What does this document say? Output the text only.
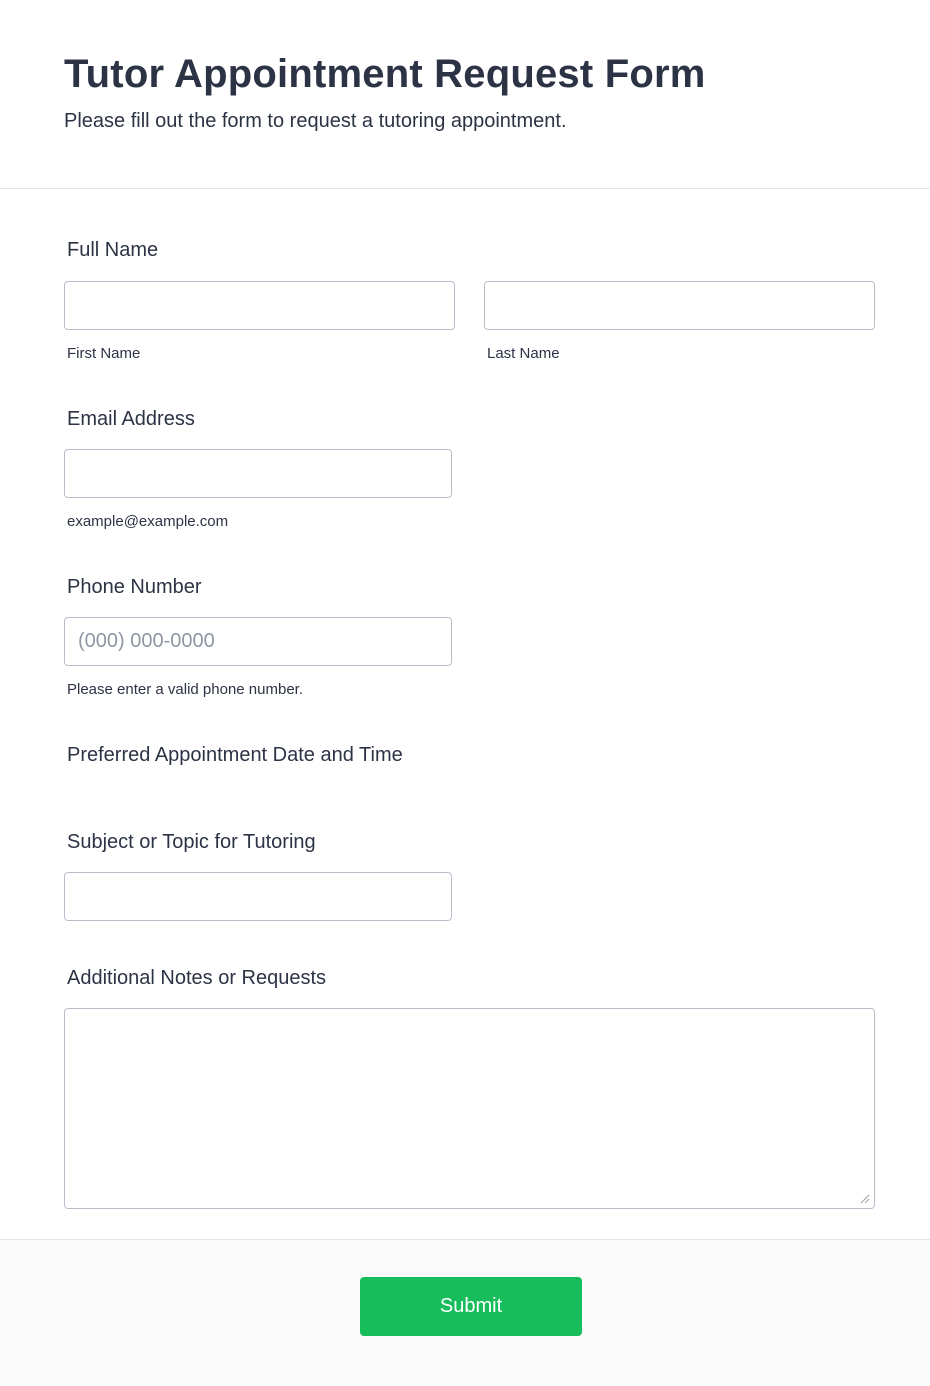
Tutor Appointment Request Form

Please fill out the form to request a tutoring appointment.

Full Name
First Name	Last Name
Email Address
example@example.com
Phone Number
(000) 000-0000
Please enter a valid phone number.
Preferred Appointment Date and Time
Subject or Topic for Tutoring
Additional Notes or Requests
Submit
